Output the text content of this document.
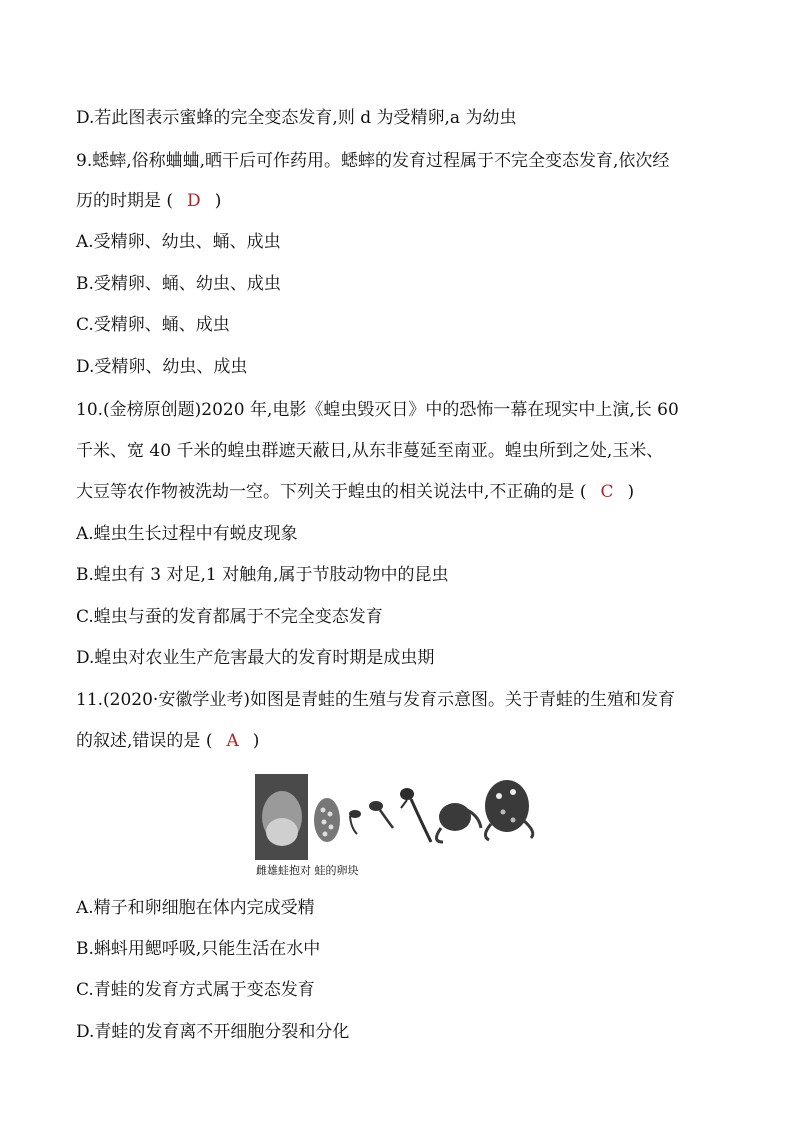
D.若此图表示蜜蜂的完全变态发育,则 d 为受精卵,a 为幼虫
9.蟋蟀,俗称蛐蛐,晒干后可作药用。蟋蟀的发育过程属于不完全变态发育,依次经
历的时期是 ( D )
A.受精卵、幼虫、蛹、成虫
B.受精卵、蛹、幼虫、成虫
C.受精卵、蛹、成虫
D.受精卵、幼虫、成虫
10.(金榜原创题)2020 年,电影《蝗虫毁灭日》中的恐怖一幕在现实中上演,长 60
千米、宽 40 千米的蝗虫群遮天蔽日,从东非蔓延至南亚。蝗虫所到之处,玉米、
大豆等农作物被洗劫一空。下列关于蝗虫的相关说法中,不正确的是 ( C )
A.蝗虫生长过程中有蜕皮现象
B.蝗虫有 3 对足,1 对触角,属于节肢动物中的昆虫
C.蝗虫与蚕的发育都属于不完全变态发育
D.蝗虫对农业生产危害最大的发育时期是成虫期
11.(2020·安徽学业考)如图是青蛙的生殖与发育示意图。关于青蛙的生殖和发育
的叙述,错误的是 ( A )
雌雄蛙抱对 蛙的卵块
A.精子和卵细胞在体内完成受精
B.蝌蚪用鳃呼吸,只能生活在水中
C.青蛙的发育方式属于变态发育
D.青蛙的发育离不开细胞分裂和分化
